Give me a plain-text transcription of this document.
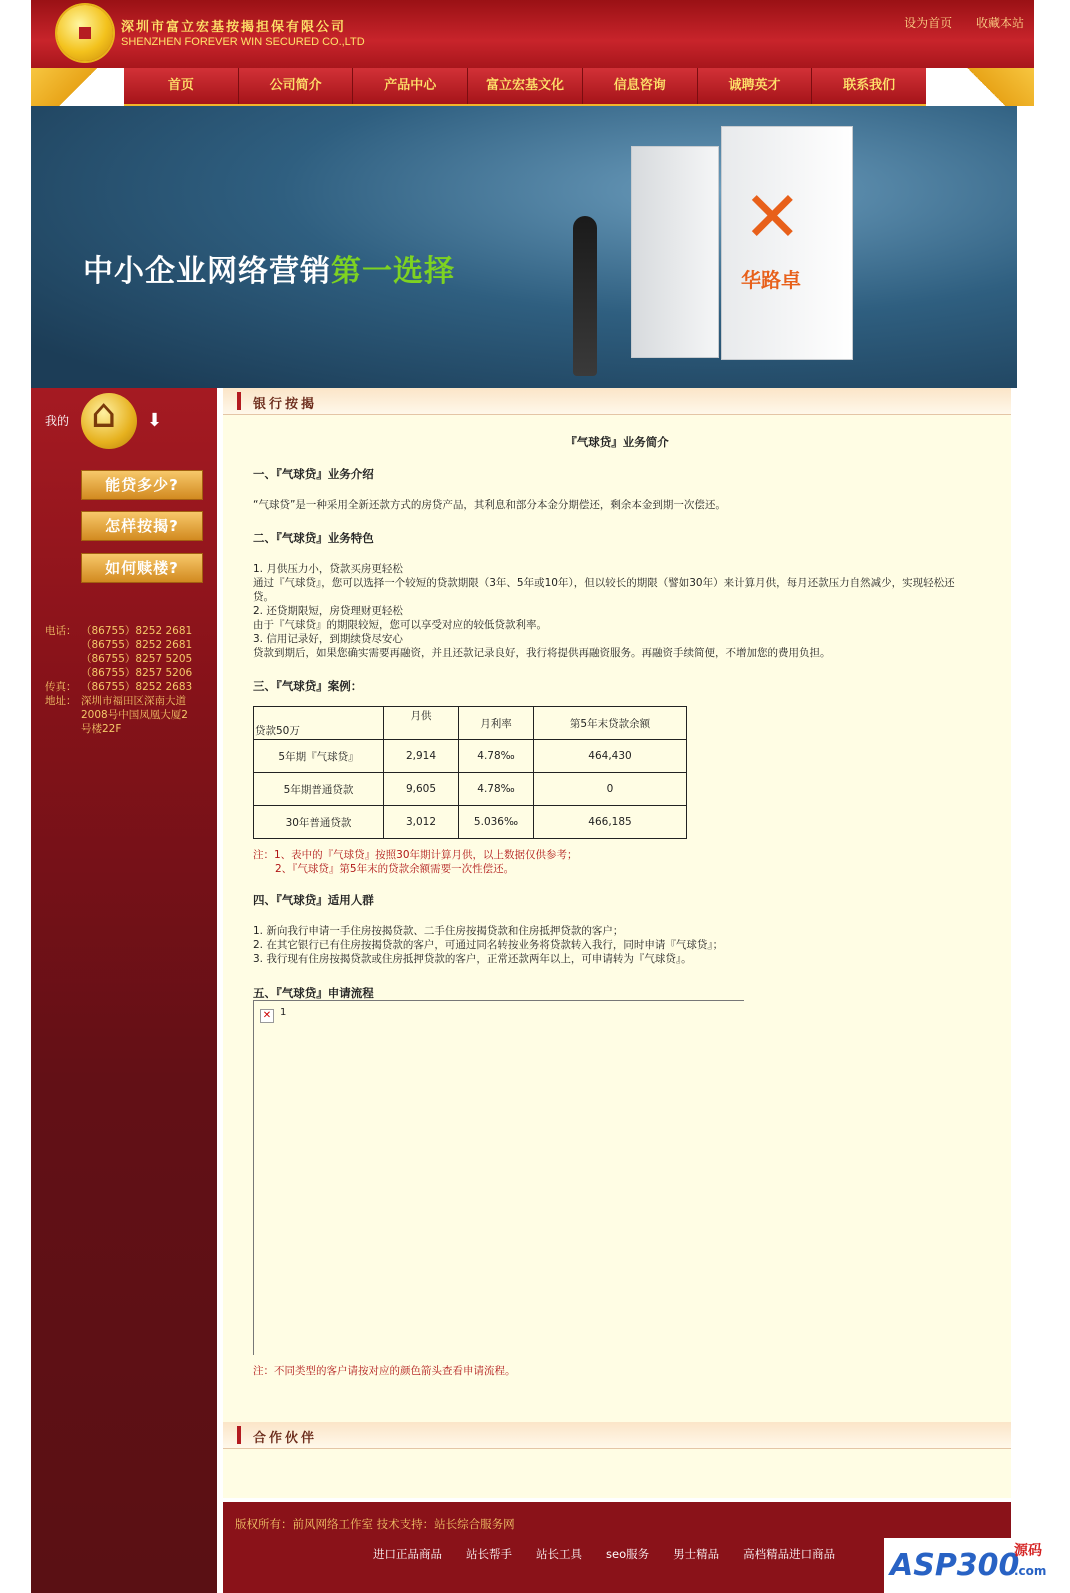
深圳市富立宏基按揭担保有限公司
SHENZHEN FOREVER WIN SECURED CO.,LTD
设为首页 收藏本站
首页	公司简介	产品中心	富立宏基文化	信息咨询	诚聘英才	联系我们
中小企业网络营销第一选择
✕
华路卓
我的 ⌂	⬇
能贷多少?
怎样按揭?
如何赎楼?
电话： （86755）8252 2681
（86755）8252 2681
（86755）8257 5205
（86755）8257 5206
传真： （86755）8252 2683
地址： 深圳市福田区深南大道2008号中国凤凰大厦2号楼22F
银行按揭
『气球贷』业务简介
一、『气球贷』业务介绍
“气球贷”是一种采用全新还款方式的房贷产品，其利息和部分本金分期偿还，剩余本金到期一次偿还。
二、『气球贷』业务特色
1. 月供压力小，贷款买房更轻松
通过『气球贷』，您可以选择一个较短的贷款期限（3年、5年或10年），但以较长的期限（譬如30年）来计算月供，每月还款压力自然减少，实现轻松还贷。
2. 还贷期限短，房贷理财更轻松
由于『气球贷』的期限较短，您可以享受对应的较低贷款利率。
3. 信用记录好，到期续贷尽安心
贷款到期后，如果您确实需要再融资，并且还款记录良好，我行将提供再融资服务。再融资手续简便，不增加您的费用负担。
三、『气球贷』案例：
贷款50万	月供	月利率	第5年末贷款余额
5年期『气球贷』	2,914	4.78‰	464,430
5年期普通贷款	9,605	4.78‰	0
30年普通贷款	3,012	5.036‰	466,185
注：1、表中的『气球贷』按照30年期计算月供，以上数据仅供参考；
2、『气球贷』第5年末的贷款余额需要一次性偿还。
四、『气球贷』适用人群
1. 新向我行申请一手住房按揭贷款、二手住房按揭贷款和住房抵押贷款的客户；
2. 在其它银行已有住房按揭贷款的客户，可通过同名转按业务将贷款转入我行，同时申请『气球贷』；
3. 我行现有住房按揭贷款或住房抵押贷款的客户，正常还款两年以上，可申请转为『气球贷』。
五、『气球贷』申请流程
✕ 1
注：不同类型的客户请按对应的颜色箭头查看申请流程。
合作伙伴
版权所有：前风网络工作室 技术支持：站长综合服务网
进口正品商品 站长帮手 站长工具 seo服务 男士精品 高档精品进口商品 ASP300
源码
.com
